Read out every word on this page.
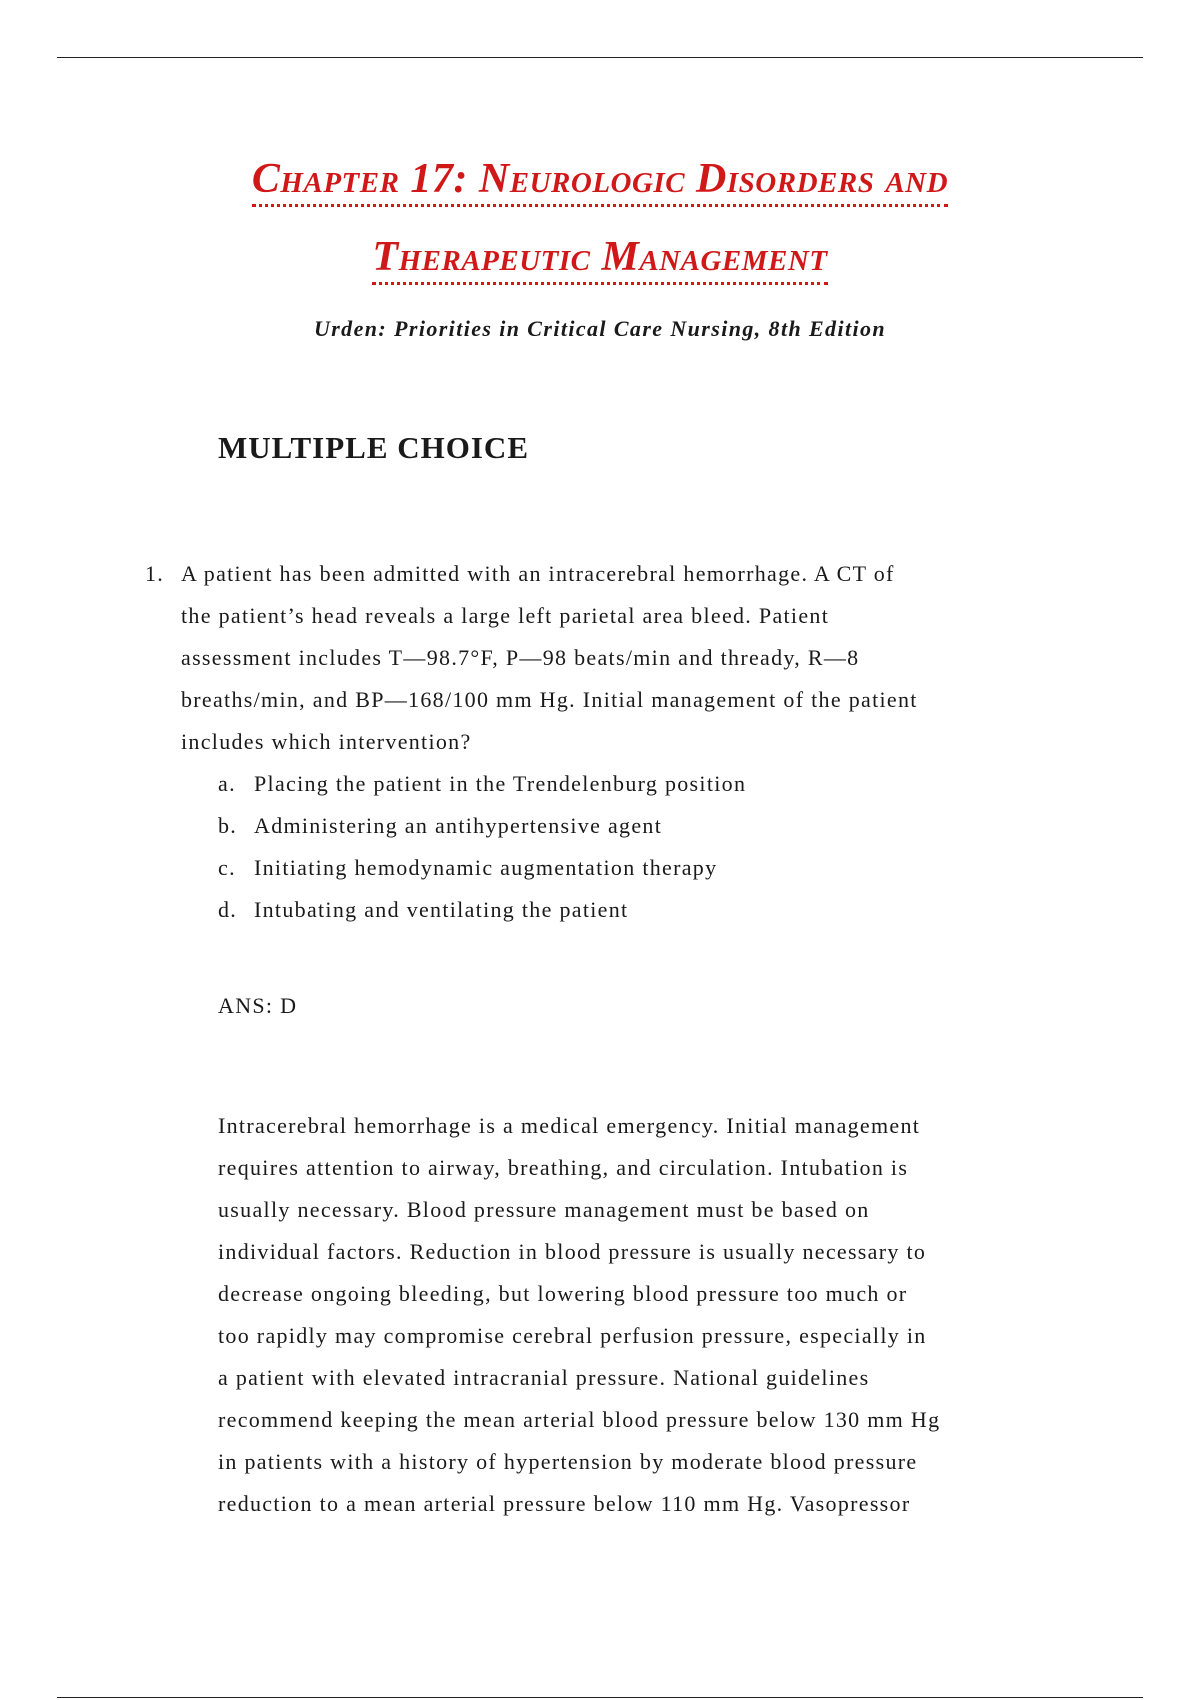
Chapter 17: Neurologic Disorders and
Therapeutic Management
Urden: Priorities in Critical Care Nursing, 8th Edition
MULTIPLE CHOICE
1. A patient has been admitted with an intracerebral hemorrhage. A CT of
the patient’s head reveals a large left parietal area bleed. Patient
assessment includes T—98.7°F, P—98 beats/min and thready, R—8
breaths/min, and BP—168/100 mm Hg. Initial management of the patient
includes which intervention?
a. Placing the patient in the Trendelenburg position
b. Administering an antihypertensive agent
c. Initiating hemodynamic augmentation therapy
d. Intubating and ventilating the patient
ANS: D
Intracerebral hemorrhage is a medical emergency. Initial management
requires attention to airway, breathing, and circulation. Intubation is
usually necessary. Blood pressure management must be based on
individual factors. Reduction in blood pressure is usually necessary to
decrease ongoing bleeding, but lowering blood pressure too much or
too rapidly may compromise cerebral perfusion pressure, especially in
a patient with elevated intracranial pressure. National guidelines
recommend keeping the mean arterial blood pressure below 130 mm Hg
in patients with a history of hypertension by moderate blood pressure
reduction to a mean arterial pressure below 110 mm Hg. Vasopressor
